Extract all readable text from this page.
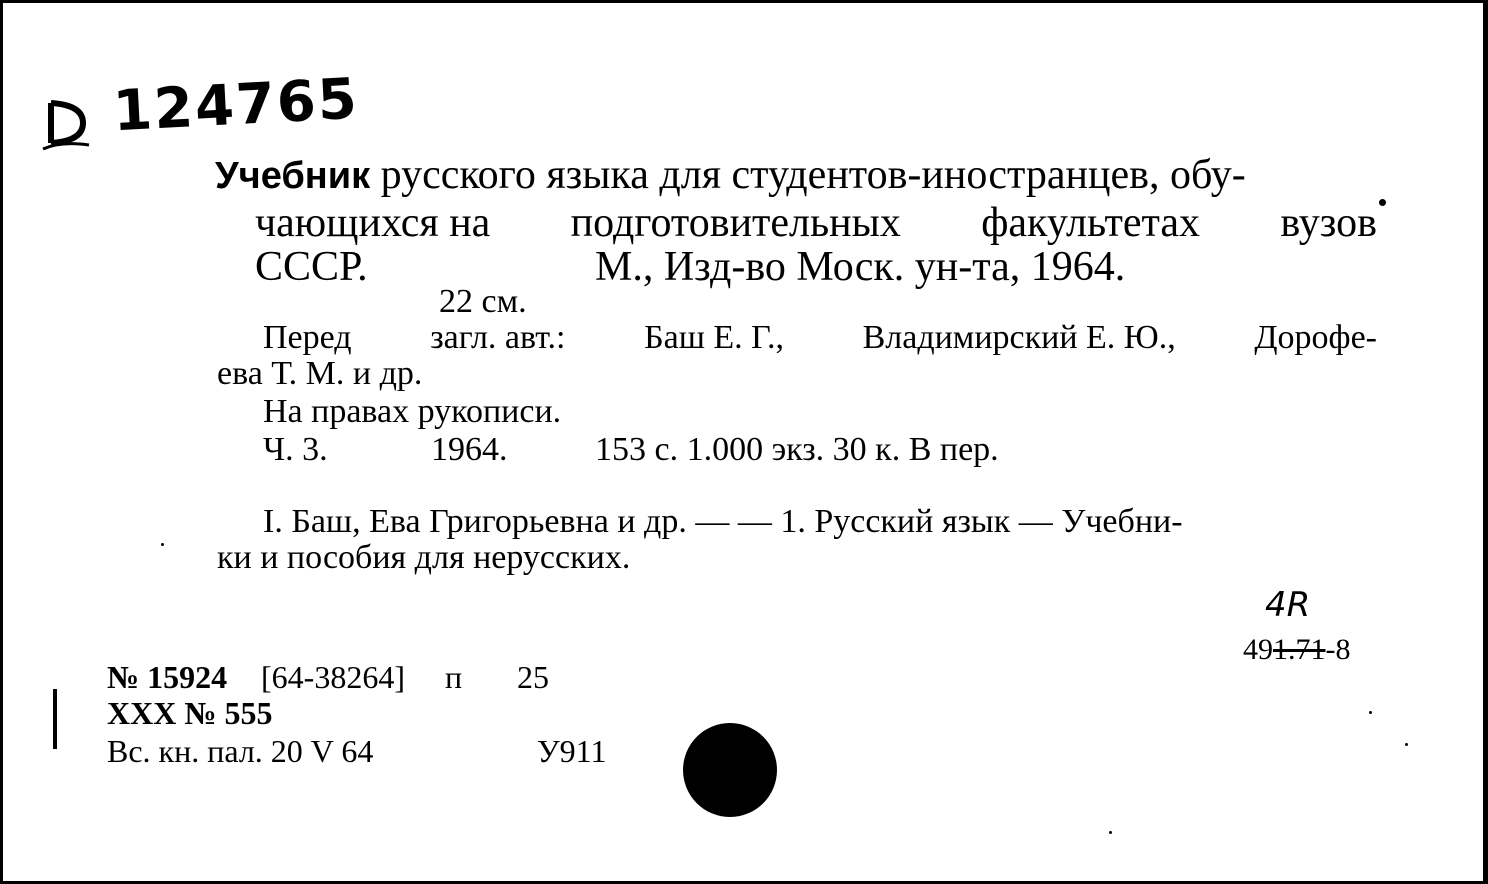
124765
Учебник русского языка для студентов-иностранцев, обу-
чающихся на подготовительных факультетах вузов
СССР.	М., Изд-во Моск. ун-та, 1964.
22 см.
Перед загл. авт.: Баш Е. Г., Владимирский Е. Ю., Дорофе-
ева Т. М. и др.
На правах рукописи.
Ч. 3.	1964.	153 с. 1.000 экз. 30 к. В пер.
I. Баш, Ева Григорьевна и др. — — 1. Русский язык — Учебни-
ки и пособия для нерусских.
4R
491.71-8
№ 15924 [64-38264] п 25
XXX № 555
Вс. кн. пал. 20 V 64	У911
